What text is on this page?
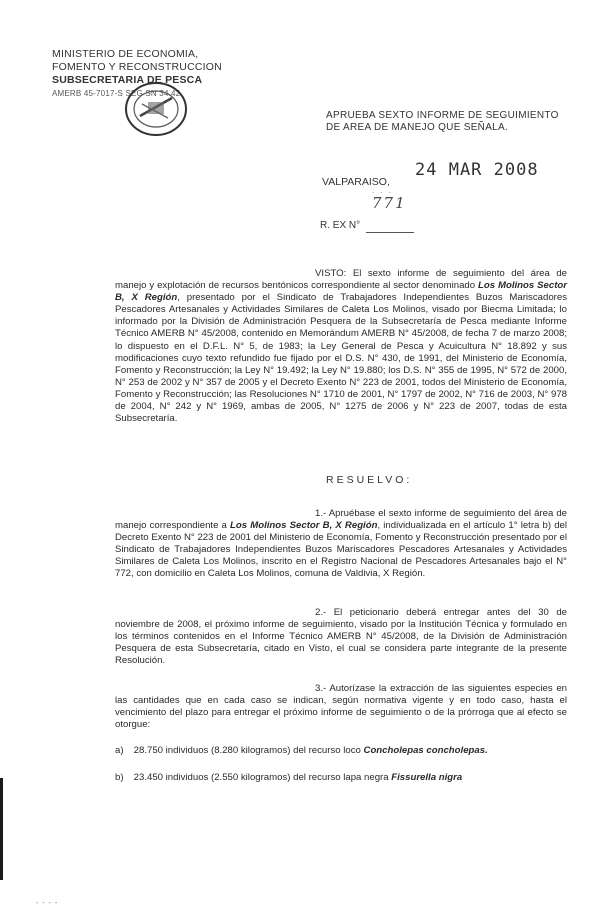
MINISTERIO DE ECONOMIA,
FOMENTO Y RECONSTRUCCION
SUBSECRETARIA DE PESCA
AMERB 45-7017-S SEG SN 34.42
APRUEBA SEXTO INFORME DE SEGUIMIENTO DE AREA DE MANEJO QUE SEÑALA.
VALPARAISO,
24 MAR 2008
. . .
771
R. EX N°
VISTO: El sexto informe de seguimiento del área de manejo y explotación de recursos bentónicos correspondiente al sector denominado Los Molinos Sector B, X Región, presentado por el Sindicato de Trabajadores Independientes Buzos Mariscadores Pescadores Artesanales y Actividades Similares de Caleta Los Molinos, visado por Biecma Limitada; lo informado por la División de Administración Pesquera de la Subsecretaría de Pesca mediante Informe Técnico AMERB N° 45/2008, contenido en Memorándum AMERB N° 45/2008, de fecha 7 de marzo 2008; lo dispuesto en el D.F.L. N° 5, de 1983; la Ley General de Pesca y Acuicultura N° 18.892 y sus modificaciones cuyo texto refundido fue fijado por el D.S. N° 430, de 1991, del Ministerio de Economía, Fomento y Reconstrucción; la Ley N° 19.492; la Ley N° 19.880; los D.S. N° 355 de 1995, N° 572 de 2000, N° 253 de 2002 y N° 357 de 2005 y el Decreto Exento N° 223 de 2001, todos del Ministerio de Economía, Fomento y Reconstrucción; las Resoluciones N° 1710 de 2001, N° 1797 de 2002, N° 716 de 2003, N° 978 de 2004, N° 242 y N° 1969, ambas de 2005, N° 1275 de 2006 y N° 223 de 2007, todas de esta Subsecretaría.
RESUELVO:
1.- Apruébase el sexto informe de seguimiento del área de manejo correspondiente a Los Molinos Sector B, X Región, individualizada en el artículo 1° letra b) del Decreto Exento N° 223 de 2001 del Ministerio de Economía, Fomento y Reconstrucción presentado por el Sindicato de Trabajadores Independientes Buzos Mariscadores Pescadores Artesanales y Actividades Similares de Caleta Los Molinos, inscrito en el Registro Nacional de Pescadores Artesanales bajo el N° 772, con domicilio en Caleta Los Molinos, comuna de Valdivia, X Región.
2.- El peticionario deberá entregar antes del 30 de noviembre de 2008, el próximo informe de seguimiento, visado por la Institución Técnica y formulado en los términos contenidos en el Informe Técnico AMERB N° 45/2008, de la División de Administración Pesquera de esta Subsecretaría, citado en Visto, el cual se considera parte integrante de la presente Resolución.
3.- Autorízase la extracción de las siguientes especies en las cantidades que en cada caso se indican, según normativa vigente y en todo caso, hasta el vencimiento del plazo para entregar el próximo informe de seguimiento o de la prórroga que al efecto se otorgue:
a) 28.750 individuos (8.280 kilogramos) del recurso loco Concholepas concholepas.
b) 23.450 individuos (2.550 kilogramos) del recurso lapa negra Fissurella nigra
- - - -
